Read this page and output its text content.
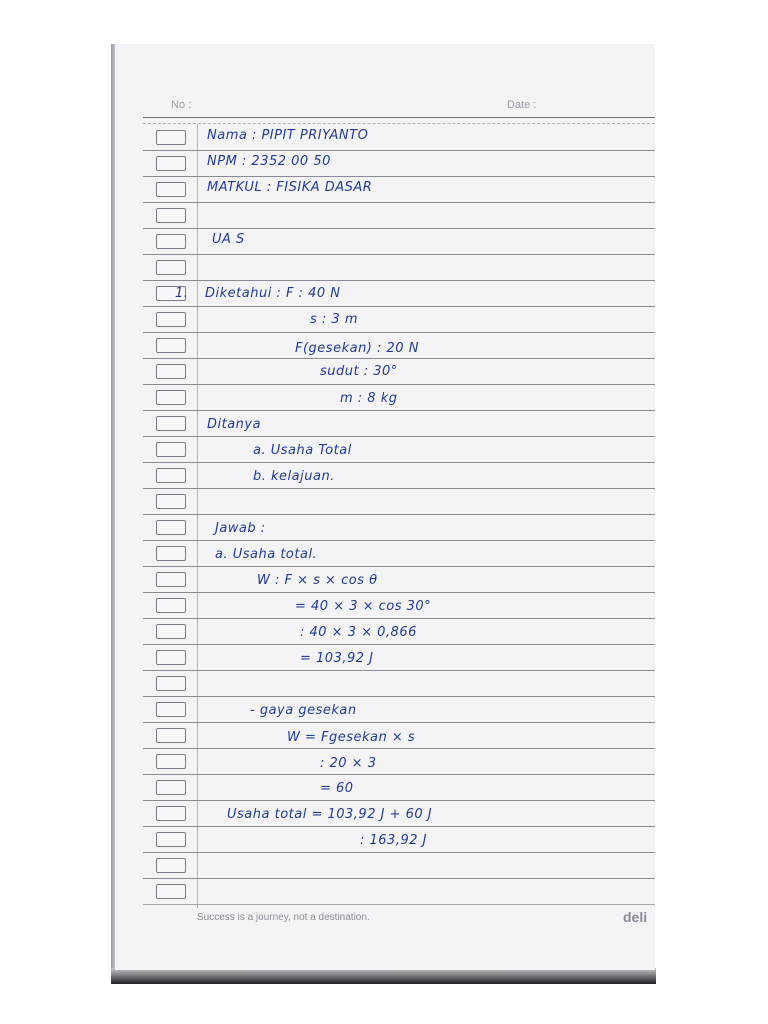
No :	Date :
Nama : PIPIT PRIYANTO
NPM : 2352 00 50
MATKUL : FISIKA DASAR
UA S
1. Diketahui : F : 40 N
s : 3 m
F(gesekan) : 20 N
sudut : 30°
m : 8 kg
Ditanya
a. Usaha Total
b. kelajuan.
Jawab :
a. Usaha total.
W : F × s × cos θ
= 40 × 3 × cos 30°
: 40 × 3 × 0,866
= 103,92 J
- gaya gesekan
W = Fgesekan × s
: 20 × 3
= 60
Usaha total = 103,92 J + 60 J
: 163,92 J
Success is a journey, not a destination.	deli
